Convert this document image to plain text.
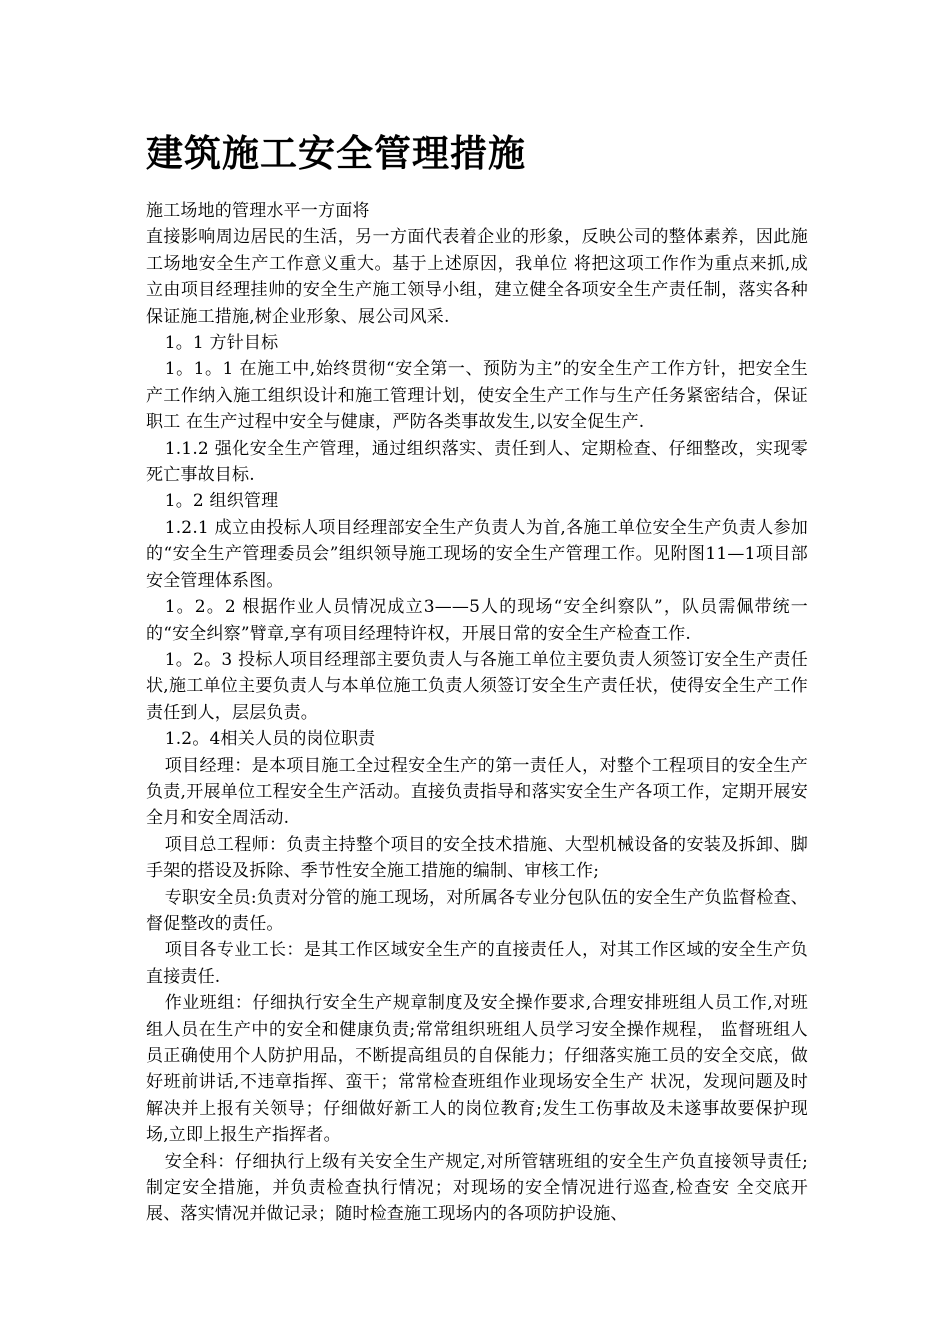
建筑施工安全管理措施

施工场地的管理水平一方面将

直接影响周边居民的生活，另一方面代表着企业的形象，反映公司的整体素养，因此施工场地安全生产工作意义重大。基于上述原因，我单位 将把这项工作作为重点来抓,成立由项目经理挂帅的安全生产施工领导小组，建立健全各项安全生产责任制，落实各种保证施工措施,树企业形象、展公司风采.

1。1 方针目标

1。1。1 在施工中,始终贯彻“安全第一、预防为主”的安全生产工作方针，把安全生产工作纳入施工组织设计和施工管理计划，使安全生产工作与生产任务紧密结合，保证职工 在生产过程中安全与健康，严防各类事故发生,以安全促生产.

1.1.2 强化安全生产管理，通过组织落实、责任到人、定期检查、仔细整改，实现零死亡事故目标.

1。2 组织管理

1.2.1 成立由投标人项目经理部安全生产负责人为首,各施工单位安全生产负责人参加的“安全生产管理委员会”组织领导施工现场的安全生产管理工作。见附图11—1项目部安全管理体系图。

1。2。2 根据作业人员情况成立3——5人的现场“安全纠察队”，队员需佩带统一的“安全纠察”臂章,享有项目经理特许权，开展日常的安全生产检查工作.

1。2。3 投标人项目经理部主要负责人与各施工单位主要负责人须签订安全生产责任状,施工单位主要负责人与本单位施工负责人须签订安全生产责任状，使得安全生产工作责任到人，层层负责。

1.2。4相关人员的岗位职责

项目经理：是本项目施工全过程安全生产的第一责任人，对整个工程项目的安全生产负责,开展单位工程安全生产活动。直接负责指导和落实安全生产各项工作，定期开展安全月和安全周活动.

项目总工程师：负责主持整个项目的安全技术措施、大型机械设备的安装及拆卸、脚手架的搭设及拆除、季节性安全施工措施的编制、审核工作;

专职安全员:负责对分管的施工现场，对所属各专业分包队伍的安全生产负监督检查、督促整改的责任。

项目各专业工长：是其工作区域安全生产的直接责任人，对其工作区域的安全生产负直接责任.

作业班组：仔细执行安全生产规章制度及安全操作要求,合理安排班组人员工作,对班组人员在生产中的安全和健康负责;常常组织班组人员学习安全操作规程， 监督班组人员正确使用个人防护用品，不断提高组员的自保能力；仔细落实施工员的安全交底，做好班前讲话,不违章指挥、蛮干；常常检查班组作业现场安全生产 状况，发现问题及时解决并上报有关领导；仔细做好新工人的岗位教育;发生工伤事故及未遂事故要保护现场,立即上报生产指挥者。

安全科：仔细执行上级有关安全生产规定,对所管辖班组的安全生产负直接领导责任;制定安全措施，并负责检查执行情况；对现场的安全情况进行巡查,检查安 全交底开展、落实情况并做记录；随时检查施工现场内的各项防护设施、
